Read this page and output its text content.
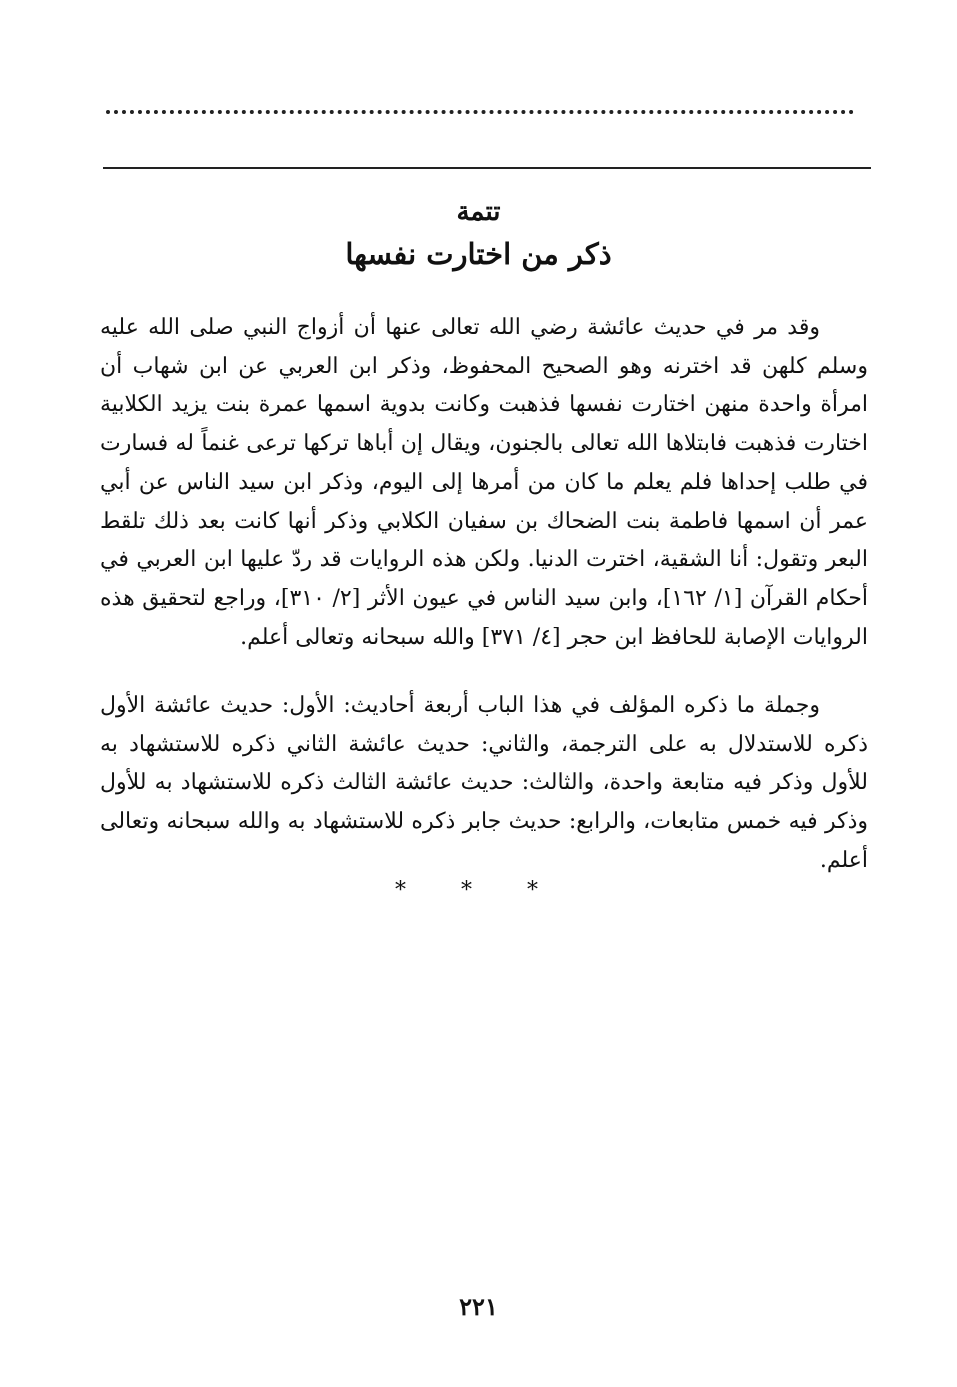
تتمة
ذكر من اختارت نفسها

وقد مر في حديث عائشة رضي الله تعالى عنها أن أزواج النبي صلى الله عليه وسلم كلهن قد اخترنه وهو الصحيح المحفوظ، وذكر ابن العربي عن ابن شهاب أن امرأة واحدة منهن اختارت نفسها فذهبت وكانت بدوية اسمها عمرة بنت يزيد الكلابية اختارت فذهبت فابتلاها الله تعالى بالجنون، ويقال إن أباها تركها ترعى غنماً له فسارت في طلب إحداها فلم يعلم ما كان من أمرها إلى اليوم، وذكر ابن سيد الناس عن أبي عمر أن اسمها فاطمة بنت الضحاك بن سفيان الكلابي وذكر أنها كانت بعد ذلك تلقط البعر وتقول: أنا الشقية، اخترت الدنيا. ولكن هذه الروايات قد ردّ عليها ابن العربي في أحكام القرآن [١/ ١٦٢]، وابن سيد الناس في عيون الأثر [٢/ ٣١٠]، وراجع لتحقيق هذه الروايات الإصابة للحافظ ابن حجر [٤/ ٣٧١] والله سبحانه وتعالى أعلم.

وجملة ما ذكره المؤلف في هذا الباب أربعة أحاديث: الأول: حديث عائشة الأول ذكره للاستدلال به على الترجمة، والثاني: حديث عائشة الثاني ذكره للاستشهاد به للأول وذكر فيه متابعة واحدة، والثالث: حديث عائشة الثالث ذكره للاستشهاد به للأول وذكر فيه خمس متابعات، والرابع: حديث جابر ذكره للاستشهاد به والله سبحانه وتعالى أعلم.

* * *
٢٢١
